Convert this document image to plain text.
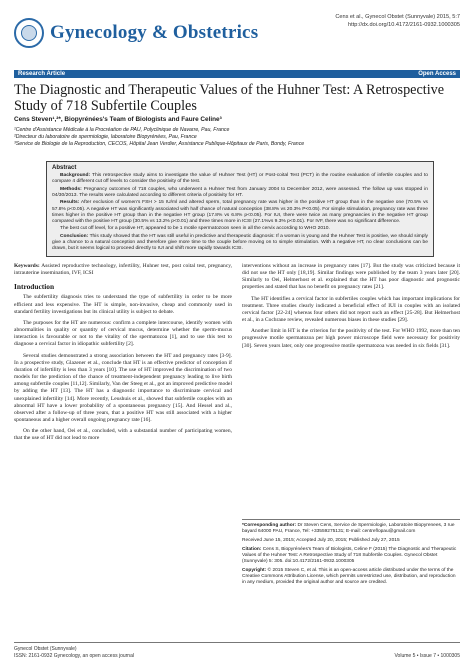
Gynecology & Obstetrics
Cens et al., Gynecol Obstet (Sunnyvale) 2015, 5:7
http://dx.doi.org/10.4172/2161-0932.1000305
Research Article	Open Access
The Diagnostic and Therapeutic Values of the Huhner Test: A Retrospective Study of 718 Subfertile Couples
Cens Steven¹,²*, Biopyrénées's Team of Biologists and Faure Celine³
¹Centre d'Assistance Médicale à la Procréation de PAU, Polyclinique de Navarre, Pau, France
²Directeur du laboratoire de spermiologie, laboratoire Biopyrénées, Pau, France
³Service de Biologie de la Reproduction, CECOS, Hôpital Jean Verdier, Assistance Publique-Hôpitaux de Paris, Bondy, France
Abstract

Background: This retrospective study aims to investigate the value of Huhner Test (HT) or Post-coital Test (PCT) in the routine evaluation of infertile couples and to compare 4 different cut off levels to consider the positivity of the test.

Methods: Pregnancy outcomes of 718 couples, who underwent a Huhner Test from January 2004 to December 2012, were assessed. The follow up was stopped in 04/30/2013. The results were calculated according to different criteria of positivity for HT.

Results: After exclusion of women's FSH > 15 IU/ml and altered sperm, total pregnancy rate was higher in the positive HT group than in the negative one (70.5% vs 57.8% p<0.05). A negative HT was significantly associated with half chance of natural conception (38.8% vs 20.3% P<0.05). For simple stimulation, pregnancy rate was three times higher in the positive HT group than in the negative HT group (17.8% vs 6.8% p<0.05). For IUI, there were twice as many pregnancies in the negative HT group compared with the positive HT group (30.5% vs 13.2% p<0.01) and three times more in ICSI (27.1%vs 9.3% p<0.01). For IVF, there was no significant difference.

The best cut off level, for a positive HT, appeared to be 1 motile spermatozoon seen in all the cervix according to WHO 2010.

Conclusion: This study showed that the HT was still useful in predictive and therapeutic diagnosis: If a woman is young and the Huhner Test is positive, we should simply give a chance to a natural conception and therefore give more time to the couple before moving on to simple stimulation. With a negative HT, no clear conclusions can be drawn, but it seems logical to proceed directly to IUI and shift more rapidly towards ICSI.

Keywords: Assisted reproductive technology, infertility, Huhner test, post coital test, pregnancy, intrauterine insemination, IVF, ICSI
Introduction

The subfertility diagnosis tries to understand the type of subfertility in order to be more efficient and less expensive. The HT is simple, non-invasive, cheap and commonly used in standard fertility investigations but its clinical utility is subject to debate.

The purposes for the HT are numerous: confirm a complete intercourse, identify women with abnormalities in quality or quantity of cervical mucus, determine whether the sperm-mucus interaction is favourable or not to the vitality of the spermatozoa [1], and to use this test to diagnose a cervical factor in idiopathic subfertility [2].

Several studies demonstrated a strong association between the HT and pregnancy rates [3-9]. In a prospective study, Glazener et al., conclude that HT is an effective predictor of conception if duration of infertility is less than 3 years [10]. The use of HT improved the discrimination of two models for the prediction of the chance of treatment-independent pregnancy leading to live birth among subfertile couples [11,12]. Similarly, Van der Steeg et al., got an improved predictive model by adding the HT [13]. The HT has a diagnostic importance to discriminate cervical and unexplained infertility [14]. More recently, Leushuis et al., showed that subfertile couples with an abnormal HT have a lower probability of a spontaneous pregnancy [15]. And Hessel and al., observed after a follow-up of three years, that a positive HT was still associated with a higher spontaneous and a higher overall ongoing pregnancy rate [16].

On the other hand, Oei et al., concluded, with a substantial number of participating women, that the use of HT did not lead to more

interventions without an increase in pregnancy rates [17]. But the study was criticized because it did not use the HT only [18,19]. Similar findings were published by the team 3 years later [20]. Similarly to Oei, Helmerhost et al. explained that the HT has poor diagnostic and prognostic properties and stated that has no benefit on pregnancy rates [21].

The HT identifies a cervical factor in subfertiles couples which has important implications for treatment. Three studies clearly indicated a beneficial effect of IUI in couples with an isolated cervical factor [22-24] whereas four others did not report such an effect [25-28]. But Helmerhost et al., in a Cochrane review, revealed numerous biases in these studies [29].

Another limit in HT is the criterion for the positivity of the test. For WHO 1992, more than ten progressive motile spermatozoa per high power microscope field were necessary for positivity [30]. Seven years later, only one progressive motile spermatozoa was needed in six fields [31].

*Corresponding author: Dr Steven Cens, Service de Spermiologie, Laboratoire Biopyrenees, 3 rue bayard 64000 PAU, France, Tel: +33559275131; E-mail: centreflopau@gmail.com

Received June 15, 2015; Accepted July 20, 2015; Published July 27, 2015

Citation: Cens S, Biopyrénées's Team of Biologists, Celine F (2015) The Diagnostic and Therapeutic Values of the Huhner Test: A Retrospective Study of 718 Subfertile Couples. Gynecol Obstet (Sunnyvale) 5: 305. doi:10.4172/2161-0932.1000305

Copyright: © 2015 Steven C, et al. This is an open-access article distributed under the terms of the Creative Commons Attribution License, which permits unrestricted use, distribution, and reproduction in any medium, provided the original author and source are credited.

Gynecol Obstet (Sunnyvale)
ISSN: 2161-0932 Gynecology, an open access journal	Volume 5 • Issue 7 • 1000305
